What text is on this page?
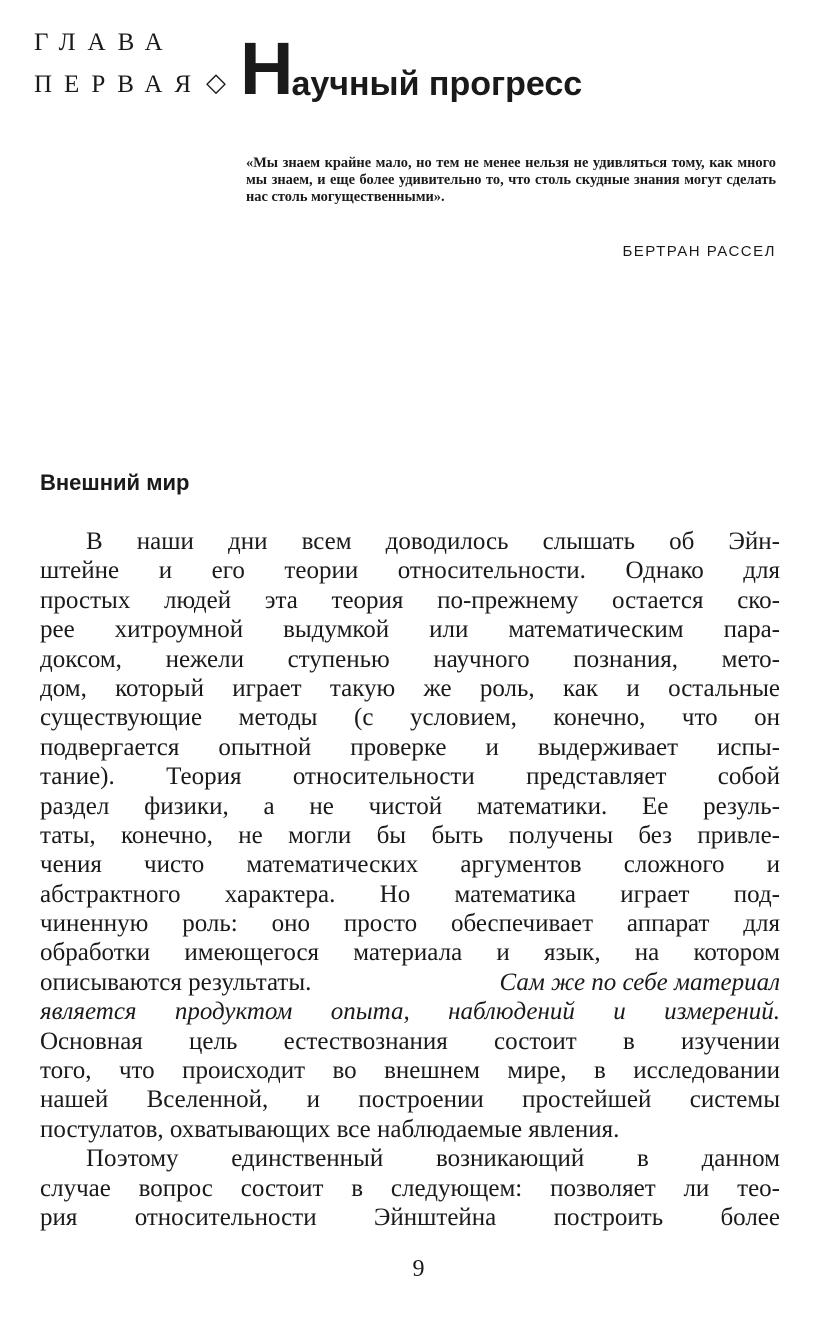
ГЛАВА
ПЕРВАЯ ◇ Научный прогресс
«Мы знаем крайне мало, но тем не менее нельзя не удивляться тому, как много мы знаем, и еще более удивительно то, что столь скудные знания могут сделать нас столь могущественными».
БЕРТРАН РАССЕЛ
Внешний мир
В наши дни всем доводилось слышать об Эйн-
штейне и его теории относительности. Однако для
простых людей эта теория по-прежнему остается ско-
рее хитроумной выдумкой или математическим пара-
доксом, нежели ступенью научного познания, мето-
дом, который играет такую же роль, как и остальные
существующие методы (с условием, конечно, что он
подвергается опытной проверке и выдерживает испы-
тание). Теория относительности представляет собой
раздел физики, а не чистой математики. Ее резуль-
таты, конечно, не могли бы быть получены без привле-
чения чисто математических аргументов сложного и
абстрактного характера. Но математика играет под-
чиненную роль: оно просто обеспечивает аппарат для
обработки имеющегося материала и язык, на котором
описываются результаты.	Сам же по себе материал
является продуктом опыта, наблюдений и измерений.
Основная цель естествознания состоит в изучении
того, что происходит во внешнем мире, в исследовании
нашей Вселенной, и построении простейшей системы
постулатов, охватывающих все наблюдаемые явления.
Поэтому единственный возникающий в данном
случае вопрос состоит в следующем: позволяет ли тео-
рия относительности Эйнштейна построить более
9
